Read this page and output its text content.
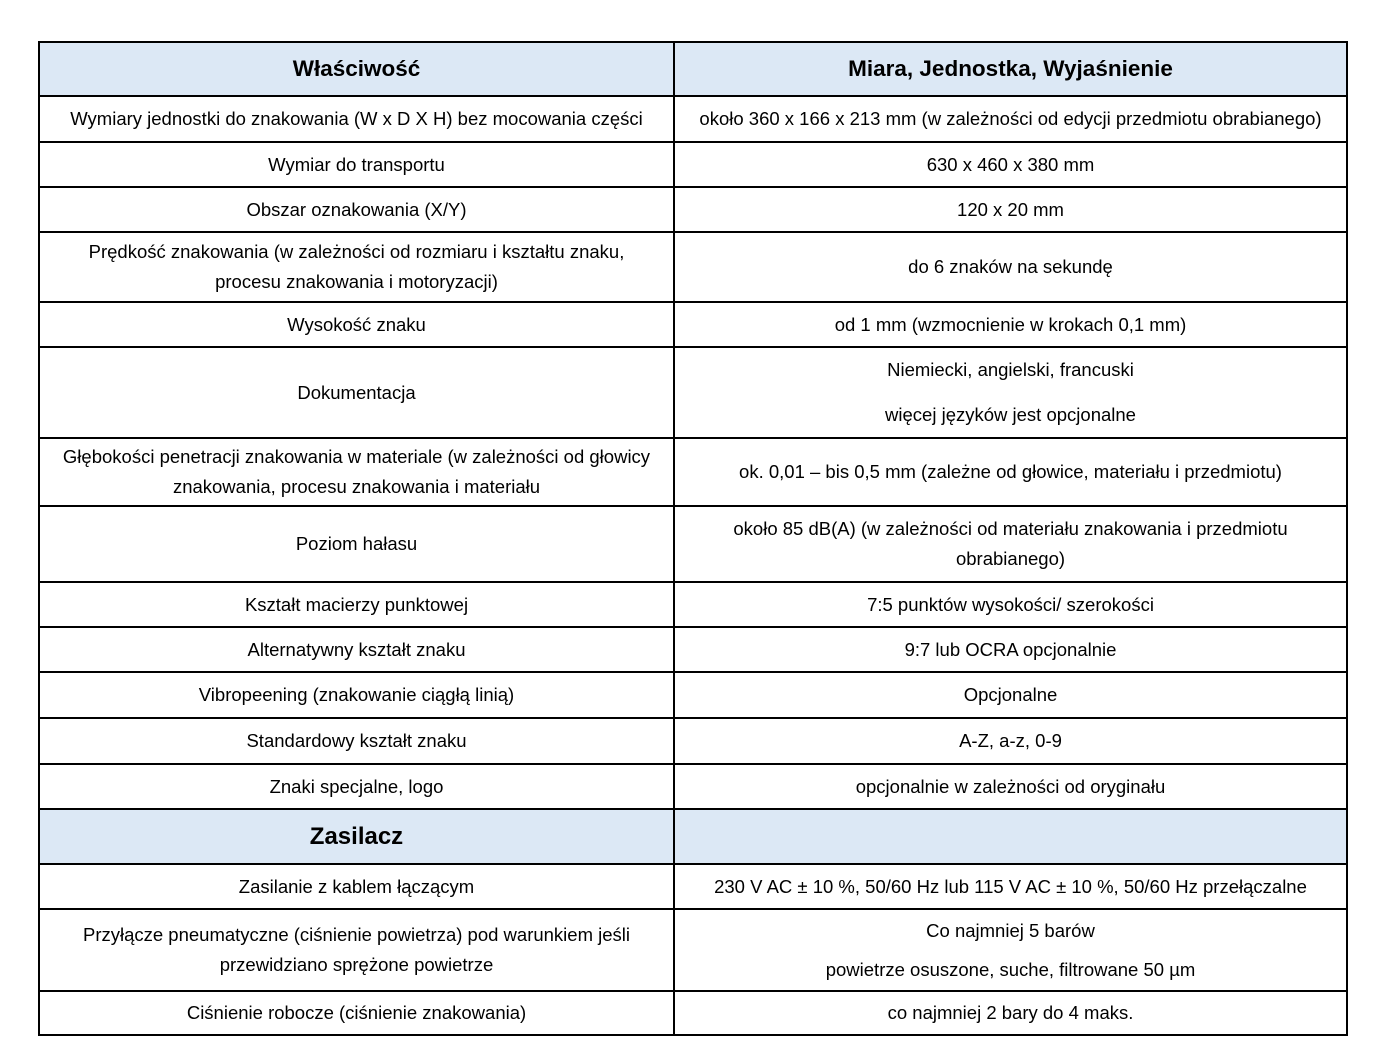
Właściwość	Miara, Jednostka, Wyjaśnienie

Wymiary jednostki do znakowania (W x D X H) bez mocowania części	około 360 x 166 x 213 mm (w zależności od edycji przedmiotu obrabianego)

Wymiar do transportu	630 x 460 x 380 mm

Obszar oznakowania (X/Y)	120 x 20 mm

Prędkość znakowania (w zależności od rozmiaru i kształtu znaku,
procesu znakowania i motoryzacji)	do 6 znaków na sekundę

Wysokość znaku	od 1 mm (wzmocnienie w krokach 0,1 mm)

Dokumentacja	Niemiecki, angielski, francuski
więcej języków jest opcjonalne

Głębokości penetracji znakowania w materiale (w zależności od głowicy
znakowania, procesu znakowania i materiału	ok. 0,01 – bis 0,5 mm (zależne od głowice, materiału i przedmiotu)

Poziom hałasu	około 85 dB(A) (w zależności od materiału znakowania i przedmiotu
obrabianego)

Kształt macierzy punktowej	7:5 punktów wysokości/ szerokości

Alternatywny kształt znaku	9:7 lub OCRA opcjonalnie

Vibropeening (znakowanie ciągłą linią)	Opcjonalne

Standardowy kształt znaku	A-Z, a-z, 0-9

Znaki specjalne, logo	opcjonalnie w zależności od oryginału

Zasilacz	

Zasilanie z kablem łączącym	230 V AC ± 10 %, 50/60 Hz lub 115 V AC ± 10 %, 50/60 Hz przełączalne

Przyłącze pneumatyczne (ciśnienie powietrza) pod warunkiem jeśli
przewidziano sprężone powietrze	Co najmniej 5 barów
powietrze osuszone, suche, filtrowane 50 µm

Ciśnienie robocze (ciśnienie znakowania)	co najmniej 2 bary do 4 maks.
